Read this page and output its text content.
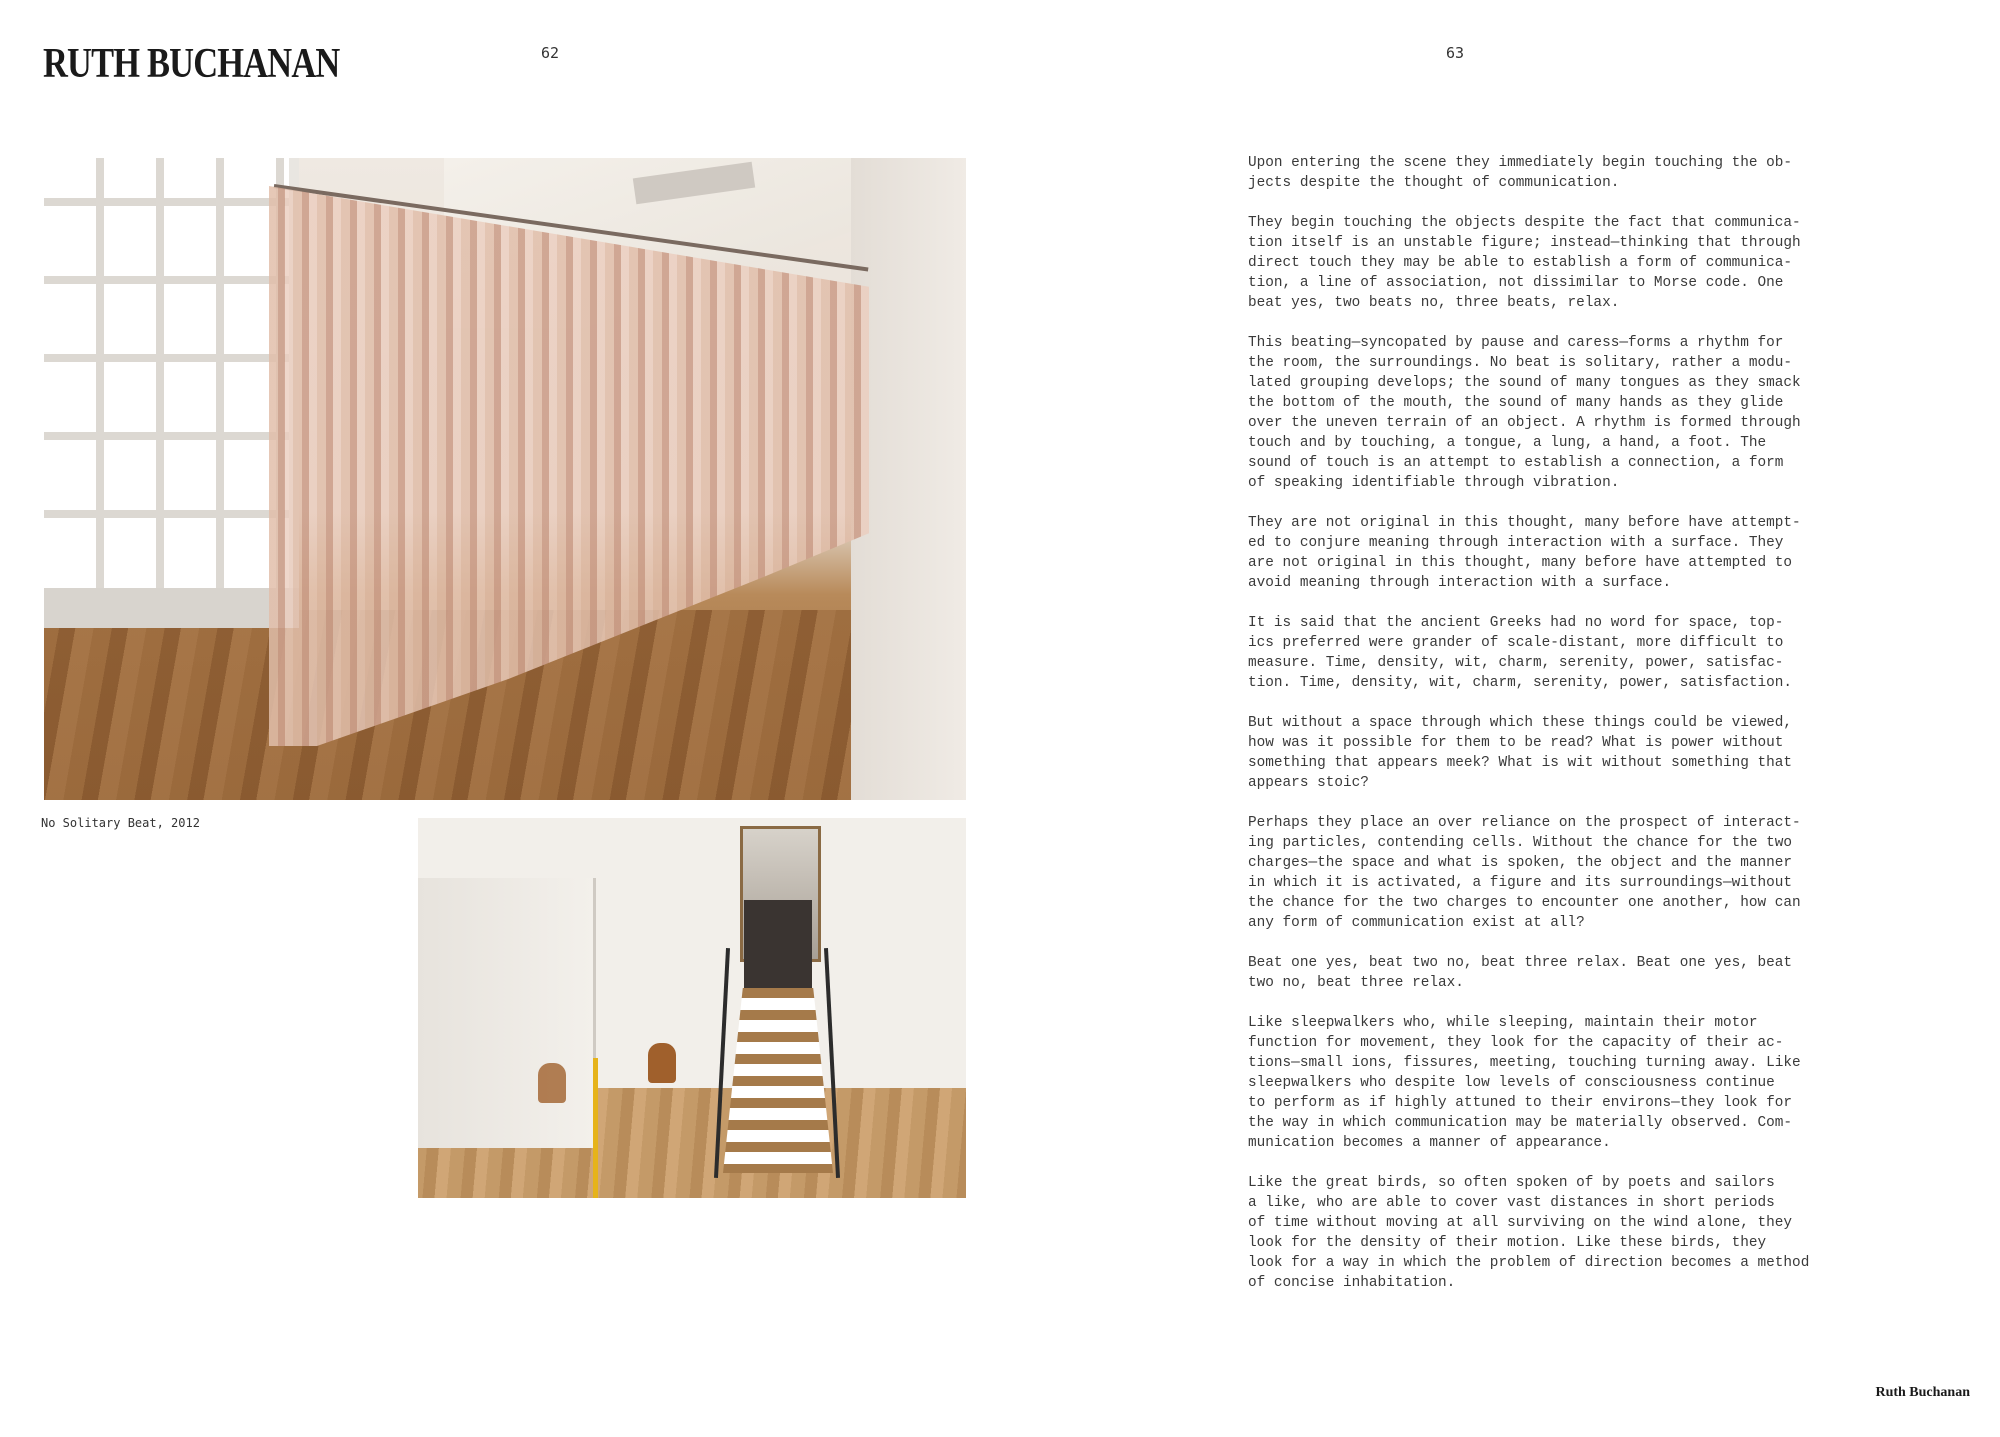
RUTH BUCHANAN	62	63
No Solitary Beat, 2012

Upon entering the scene they immediately begin touching the ob-
jects despite the thought of communication.

They begin touching the objects despite the fact that communica-
tion itself is an unstable figure; instead—thinking that through
direct touch they may be able to establish a form of communica-
tion, a line of association, not dissimilar to Morse code. One
beat yes, two beats no, three beats, relax.

This beating—syncopated by pause and caress—forms a rhythm for
the room, the surroundings. No beat is solitary, rather a modu-
lated grouping develops; the sound of many tongues as they smack
the bottom of the mouth, the sound of many hands as they glide
over the uneven terrain of an object. A rhythm is formed through
touch and by touching, a tongue, a lung, a hand, a foot. The
sound of touch is an attempt to establish a connection, a form
of speaking identifiable through vibration.

They are not original in this thought, many before have attempt-
ed to conjure meaning through interaction with a surface. They
are not original in this thought, many before have attempted to
avoid meaning through interaction with a surface.

It is said that the ancient Greeks had no word for space, top-
ics preferred were grander of scale-distant, more difficult to
measure. Time, density, wit, charm, serenity, power, satisfac-
tion. Time, density, wit, charm, serenity, power, satisfaction.

But without a space through which these things could be viewed,
how was it possible for them to be read? What is power without
something that appears meek? What is wit without something that
appears stoic?

Perhaps they place an over reliance on the prospect of interact-
ing particles, contending cells. Without the chance for the two
charges—the space and what is spoken, the object and the manner
in which it is activated, a figure and its surroundings—without
the chance for the two charges to encounter one another, how can
any form of communication exist at all?

Beat one yes, beat two no, beat three relax. Beat one yes, beat
two no, beat three relax.

Like sleepwalkers who, while sleeping, maintain their motor
function for movement, they look for the capacity of their ac-
tions—small ions, fissures, meeting, touching turning away. Like
sleepwalkers who despite low levels of consciousness continue
to perform as if highly attuned to their environs—they look for
the way in which communication may be materially observed. Com-
munication becomes a manner of appearance.

Like the great birds, so often spoken of by poets and sailors
a like, who are able to cover vast distances in short periods
of time without moving at all surviving on the wind alone, they
look for the density of their motion. Like these birds, they
look for a way in which the problem of direction becomes a method
of concise inhabitation.

Ruth Buchanan
